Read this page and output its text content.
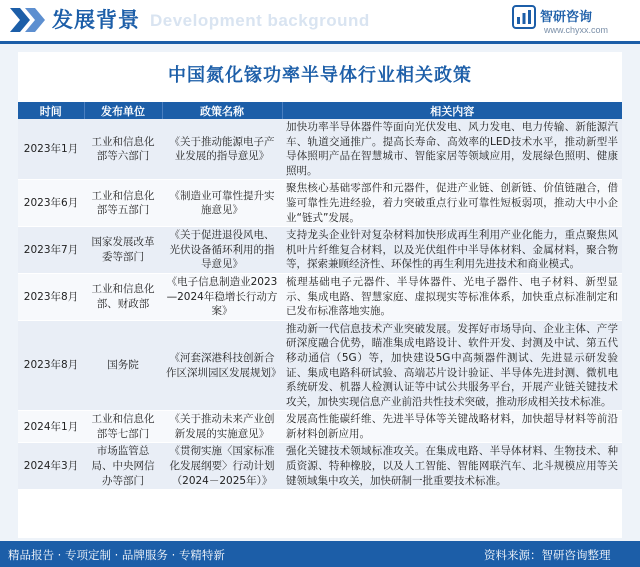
Development background
发展背景	智研咨询
www.chyxx.com
中国氮化镓功率半导体行业相关政策
时间	发布单位	政策名称	相关内容
2023年1月	工业和信息化部等六部门	《关于推动能源电子产业发展的指导意见》	加快功率半导体器件等面向光伏发电、风力发电、电力传输、新能源汽车、轨道交通推广。提高长寿命、高效率的LED技术水平，推动新型半导体照明产品在智慧城市、智能家居等领域应用，发展绿色照明、健康照明。
2023年6月	工业和信息化部等五部门	《制造业可靠性提升实施意见》	聚焦核心基础零部件和元器件，促进产业链、创新链、价值链融合，借鉴可靠性先进经验，着力突破重点行业可靠性短板弱项，推动大中小企业“链式”发展。
2023年7月	国家发展改革委等部门	《关于促进退役风电、光伏设备循环利用的指导意见》	支持龙头企业针对复杂材料加快形成再生利用产业化能力，重点聚焦风机叶片纤维复合材料，以及光伏组件中半导体材料、金属材料，聚合物等，探索兼顾经济性、环保性的再生利用先进技术和商业模式。
2023年8月	工业和信息化部、财政部	《电子信息制造业2023—2024年稳增长行动方案》	梳理基础电子元器件、半导体器件、光电子器件、电子材料、新型显示、集成电路、智慧家庭、虚拟现实等标准体系，加快重点标准制定和已发布标准落地实施。
2023年8月	国务院	《河套深港科技创新合作区深圳园区发展规划》	推动新一代信息技术产业突破发展。发挥好市场导向、企业主体、产学研深度融合优势，瞄准集成电路设计、软件开发、封测及中试、第五代移动通信（5G）等，加快建设5G中高频器件测试、先进显示研发验证、集成电路科研试验、高端芯片设计验证、半导体先进封测、微机电系统研发、机器人检测认证等中试公共服务平台，开展产业链关键技术攻关，加快实现信息产业前沿共性技术突破，推动形成相关技术标准。
2024年1月	工业和信息化部等七部门	《关于推动未来产业创新发展的实施意见》	发展高性能碳纤维、先进半导体等关键战略材料，加快超导材料等前沿新材料创新应用。
2024年3月	市场监管总局、中央网信办等部门	《贯彻实施〈国家标准化发展纲要〉行动计划（2024－2025年）》	强化关键技术领域标准攻关。在集成电路、半导体材料、生物技术、种质资源、特种橡胶，以及人工智能、智能网联汽车、北斗规模应用等关键领域集中攻关，加快研制一批重要技术标准。
精品报告 · 专项定制 · 品牌服务 · 专精特新	资料来源：智研咨询整理
